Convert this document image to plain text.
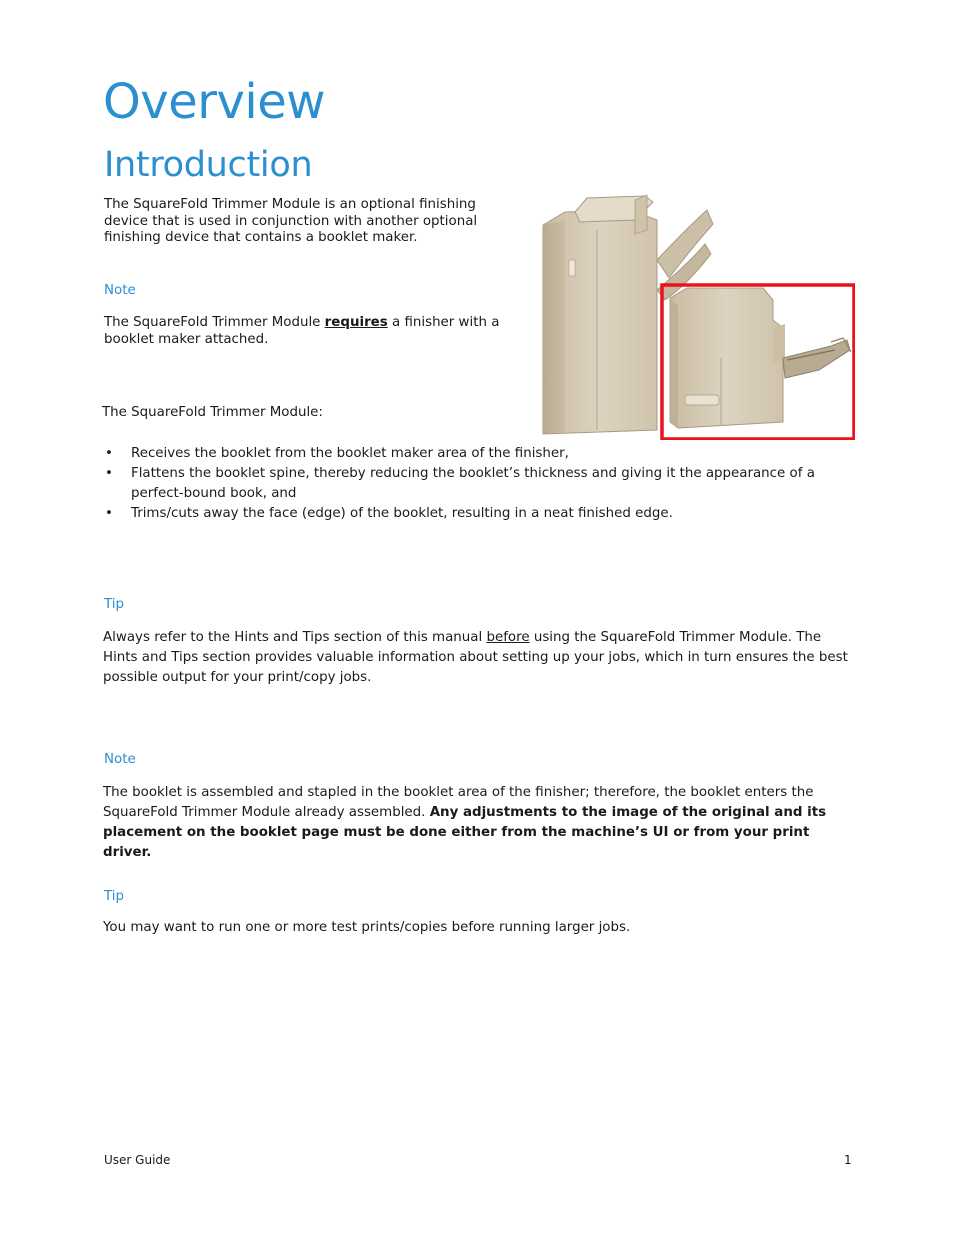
Overview
Introduction
The SquareFold Trimmer Module is an optional finishing device that is used in conjunction with another optional finishing device that contains a booklet maker.
Note
The SquareFold Trimmer Module requires a finisher with a booklet maker attached.
The SquareFold Trimmer Module:
• Receives the booklet from the booklet maker area of the finisher,
• Flattens the booklet spine, thereby reducing the booklet’s thickness and giving it the appearance of a perfect-bound book, and
• Trims/cuts away the face (edge) of the booklet, resulting in a neat finished edge.
Tip
Always refer to the Hints and Tips section of this manual before using the SquareFold Trimmer Module. The Hints and Tips section provides valuable information about setting up your jobs, which in turn ensures the best possible output for your print/copy jobs.
Note
The booklet is assembled and stapled in the booklet area of the finisher; therefore, the booklet enters the SquareFold Trimmer Module already assembled. Any adjustments to the image of the original and its placement on the booklet page must be done either from the machine’s UI or from your print driver.
Tip
You may want to run one or more test prints/copies before running larger jobs.
User Guide	1
